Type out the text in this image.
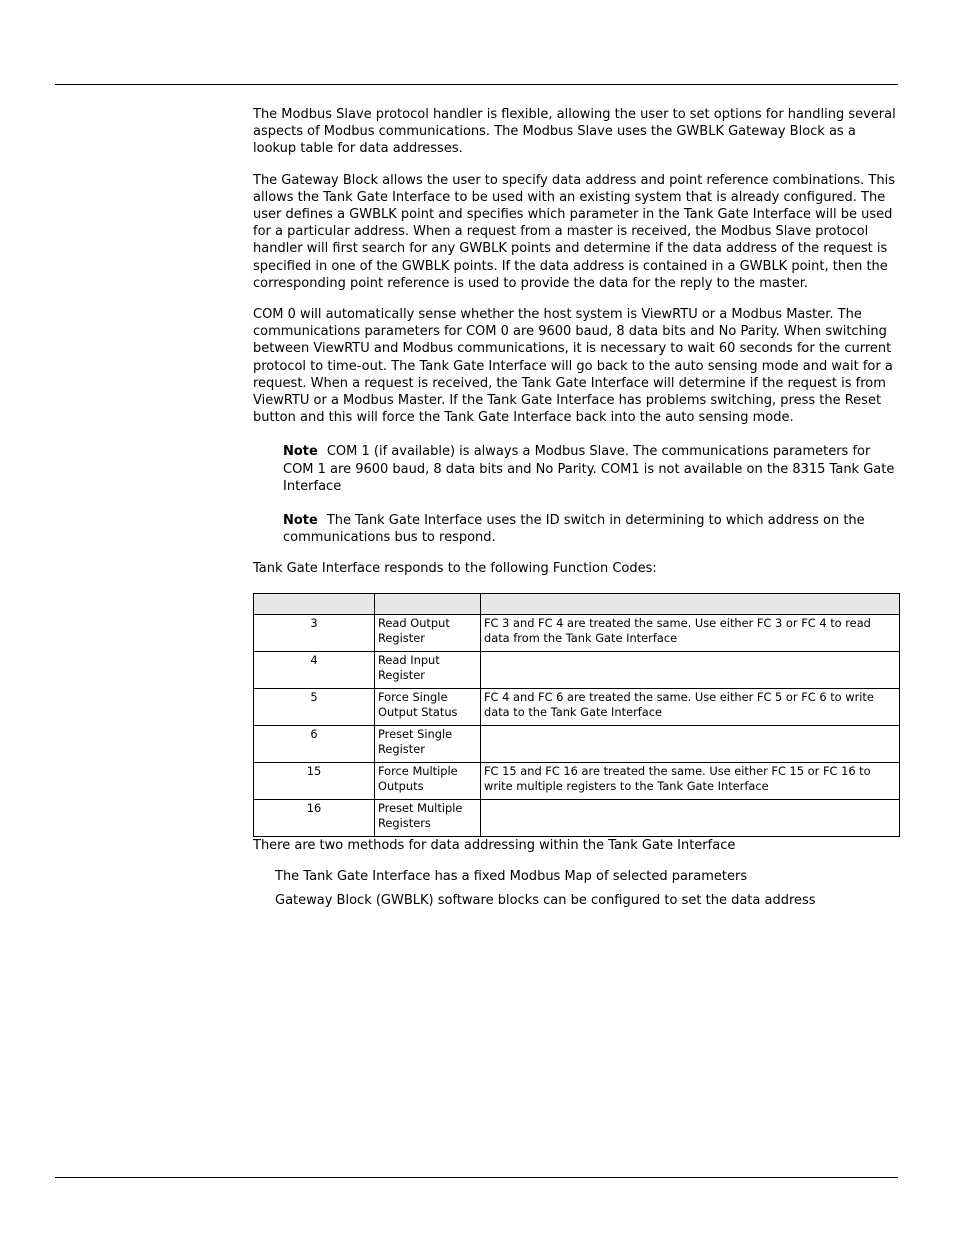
The Modbus Slave protocol handler is flexible, allowing the user to set options for handling several aspects of Modbus communications. The Modbus Slave uses the GWBLK Gateway Block as a lookup table for data addresses.

The Gateway Block allows the user to specify data address and point reference combinations. This allows the Tank Gate Interface to be used with an existing system that is already configured. The user defines a GWBLK point and specifies which parameter in the Tank Gate Interface will be used for a particular address. When a request from a master is received, the Modbus Slave protocol handler will first search for any GWBLK points and determine if the data address of the request is specified in one of the GWBLK points. If the data address is contained in a GWBLK point, then the corresponding point reference is used to provide the data for the reply to the master.

COM 0 will automatically sense whether the host system is ViewRTU or a Modbus Master. The communications parameters for COM 0 are 9600 baud, 8 data bits and No Parity. When switching between ViewRTU and Modbus communications, it is necessary to wait 60 seconds for the current protocol to time-out. The Tank Gate Interface will go back to the auto sensing mode and wait for a request. When a request is received, the Tank Gate Interface will determine if the request is from ViewRTU or a Modbus Master. If the Tank Gate Interface has problems switching, press the Reset button and this will force the Tank Gate Interface back into the auto sensing mode.

Note COM 1 (if available) is always a Modbus Slave. The communications parameters for COM 1 are 9600 baud, 8 data bits and No Parity. COM1 is not available on the 8315 Tank Gate Interface
Note The Tank Gate Interface uses the ID switch in determining to which address on the communications bus to respond.

Tank Gate Interface responds to the following Function Codes:

3	Read Output Register	FC 3 and FC 4 are treated the same. Use either FC 3 or FC 4 to read data from the Tank Gate Interface
4	Read Input Register	
5	Force Single Output Status	FC 4 and FC 6 are treated the same. Use either FC 5 or FC 6 to write data to the Tank Gate Interface
6	Preset Single Register	
15	Force Multiple Outputs	FC 15 and FC 16 are treated the same. Use either FC 15 or FC 16 to write multiple registers to the Tank Gate Interface
16	Preset Multiple Registers	

There are two methods for data addressing within the Tank Gate Interface

The Tank Gate Interface has a fixed Modbus Map of selected parameters
Gateway Block (GWBLK) software blocks can be configured to set the data address
